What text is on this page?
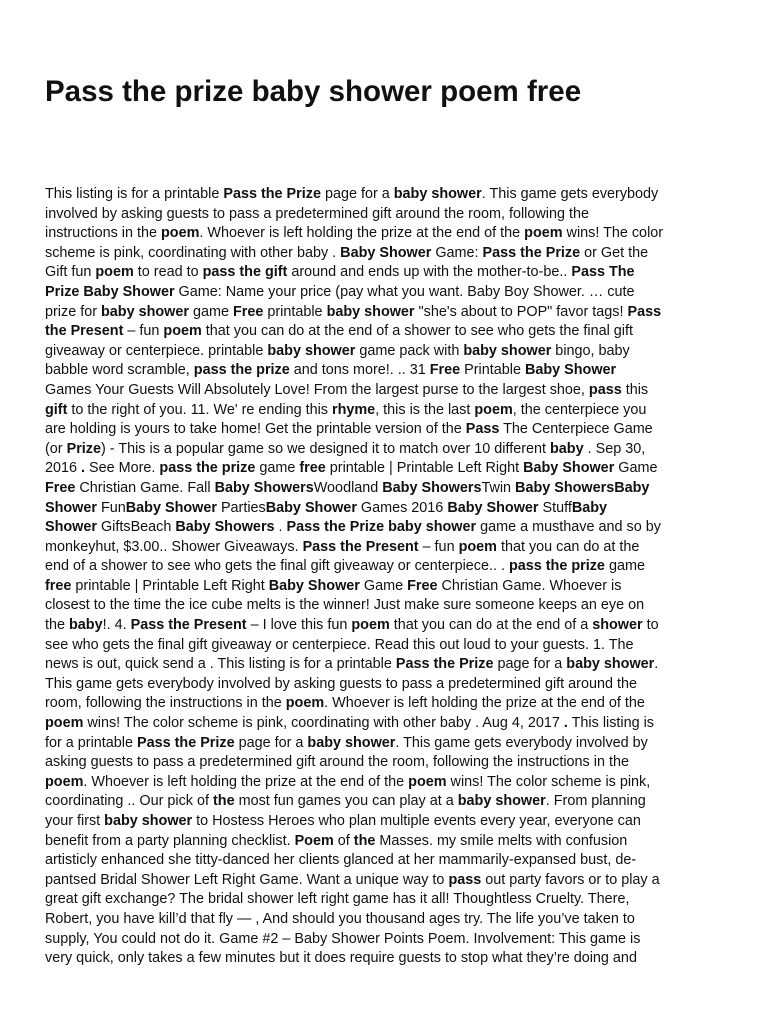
Pass the prize baby shower poem free
This listing is for a printable Pass the Prize page for a baby shower. This game gets everybody
involved by asking guests to pass a predetermined gift around the room, following the
instructions in the poem. Whoever is left holding the prize at the end of the poem wins! The color
scheme is pink, coordinating with other baby . Baby Shower Game: Pass the Prize or Get the
Gift fun poem to read to pass the gift around and ends up with the mother-to-be.. Pass The
Prize Baby Shower Game: Name your price (pay what you want. Baby Boy Shower. … cute
prize for baby shower game Free printable baby shower "she's about to POP" favor tags! Pass
the Present – fun poem that you can do at the end of a shower to see who gets the final gift
giveaway or centerpiece. printable baby shower game pack with baby shower bingo, baby
babble word scramble, pass the prize and tons more!. .. 31 Free Printable Baby Shower
Games Your Guests Will Absolutely Love! From the largest purse to the largest shoe, pass this
gift to the right of you. 11. We' re ending this rhyme, this is the last poem, the centerpiece you
are holding is yours to take home! Get the printable version of the Pass The Centerpiece Game
(or Prize) - This is a popular game so we designed it to match over 10 different baby . Sep 30,
2016 . See More. pass the prize game free printable | Printable Left Right Baby Shower Game
Free Christian Game. Fall Baby ShowersWoodland Baby ShowersTwin Baby ShowersBaby
Shower FunBaby Shower PartiesBaby Shower Games 2016 Baby Shower StuffBaby
Shower GiftsBeach Baby Showers . Pass the Prize baby shower game a musthave and so by
monkeyhut, $3.00.. Shower Giveaways. Pass the Present – fun poem that you can do at the
end of a shower to see who gets the final gift giveaway or centerpiece.. . pass the prize game
free printable | Printable Left Right Baby Shower Game Free Christian Game. Whoever is
closest to the time the ice cube melts is the winner! Just make sure someone keeps an eye on
the baby!. 4. Pass the Present – I love this fun poem that you can do at the end of a shower to
see who gets the final gift giveaway or centerpiece. Read this out loud to your guests. 1. The
news is out, quick send a . This listing is for a printable Pass the Prize page for a baby shower.
This game gets everybody involved by asking guests to pass a predetermined gift around the
room, following the instructions in the poem. Whoever is left holding the prize at the end of the
poem wins! The color scheme is pink, coordinating with other baby . Aug 4, 2017 . This listing is
for a printable Pass the Prize page for a baby shower. This game gets everybody involved by
asking guests to pass a predetermined gift around the room, following the instructions in the
poem. Whoever is left holding the prize at the end of the poem wins! The color scheme is pink,
coordinating .. Our pick of the most fun games you can play at a baby shower. From planning
your first baby shower to Hostess Heroes who plan multiple events every year, everyone can
benefit from a party planning checklist. Poem of the Masses. my smile melts with confusion
artisticly enhanced she titty-danced her clients glanced at her mammarily-expansed bust, de-
pantsed Bridal Shower Left Right Game. Want a unique way to pass out party favors or to play a
great gift exchange? The bridal shower left right game has it all! Thoughtless Cruelty. There,
Robert, you have kill’d that fly — , And should you thousand ages try. The life you’ve taken to
supply, You could not do it. Game #2 – Baby Shower Points Poem. Involvement: This game is
very quick, only takes a few minutes but it does require guests to stop what they’re doing and
